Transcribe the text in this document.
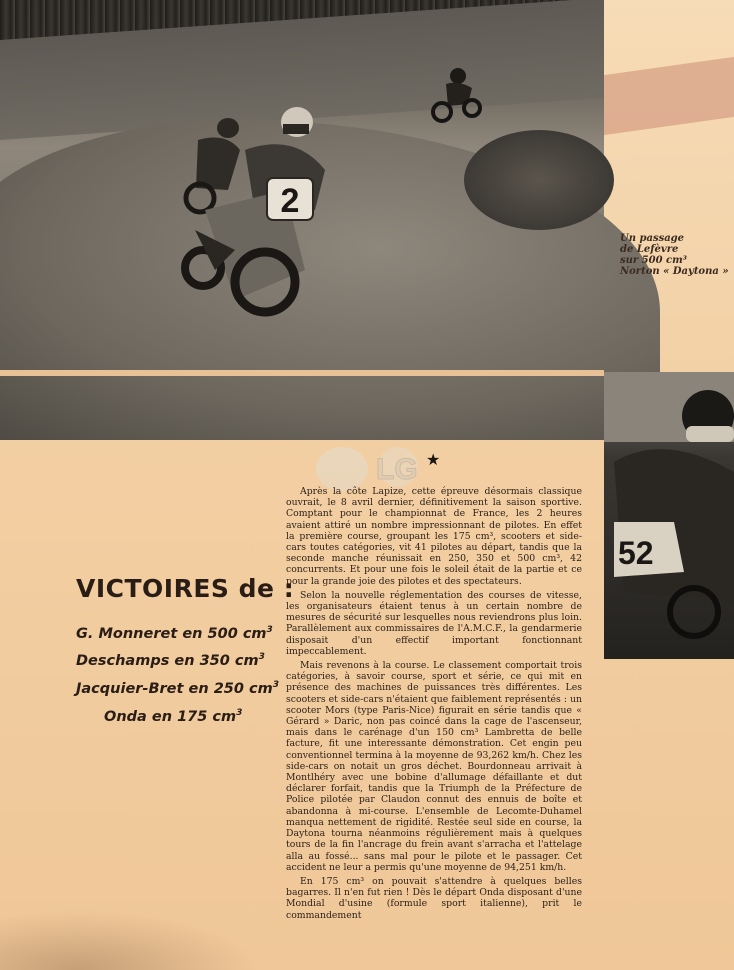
2
Un passage
de Lefèvre
sur 500 cm³
Norton « Daytona »
52
LG ★
VICTOIRES de :
G. Monneret en 500 $cm^3$
Deschamps en 350 $cm^3$
Jacquier-Bret en 250 $cm^3$
Onda en 175 $cm^3$

Après la côte Lapize, cette épreuve désormais classique ouvrait, le 8 avril dernier, définitivement la saison sportive. Comptant pour le championnat de France, les 2 heures avaient attiré un nombre impressionnant de pilotes. En effet la première course, groupant les 175 cm³, scooters et side-cars toutes catégories, vit 41 pilotes au départ, tandis que la seconde manche réunissait en 250, 350 et 500 cm³, 42 concurrents. Et pour une fois le soleil était de la partie et ce pour la grande joie des pilotes et des spectateurs.

Selon la nouvelle réglementation des courses de vitesse, les organisateurs étaient tenus à un certain nombre de mesures de sécurité sur lesquelles nous reviendrons plus loin. Parallèlement aux commissaires de l'A.M.C.F., la gendarmerie disposait d'un effectif important fonctionnant impeccablement.

Mais revenons à la course. Le classement comportait trois catégories, à savoir course, sport et série, ce qui mit en présence des machines de puissances très différentes. Les scooters et side-cars n'étaient que faiblement représentés : un scooter Mors (type Paris-Nice) figurait en série tandis que « Gérard » Daric, non pas coincé dans la cage de l'ascenseur, mais dans le carénage d'un 150 cm³ Lambretta de belle facture, fit une interessante démonstration. Cet engin peu conventionnel termina à la moyenne de 93,262 km/h. Chez les side-cars on notait un gros déchet. Bourdonneau arrivait à Montlhéry avec une bobine d'allumage défaillante et dut déclarer forfait, tandis que la Triumph de la Préfecture de Police pilotée par Claudon connut des ennuis de boîte et abandonna à mi-course. L'ensemble de Lecomte-Duhamel manqua nettement de rigidité. Restée seul side en course, la Daytona tourna néanmoins régulièrement mais à quelques tours de la fin l'ancrage du frein avant s'arracha et l'attelage alla au fossé... sans mal pour le pilote et le passager. Cet accident ne leur a permis qu'une moyenne de 94,251 km/h.

En 175 cm³ on pouvait s'attendre à quelques belles bagarres. Il n'en fut rien ! Dès le départ Onda disposant d'une Mondial d'usine (formule sport italienne), prit le commandement
